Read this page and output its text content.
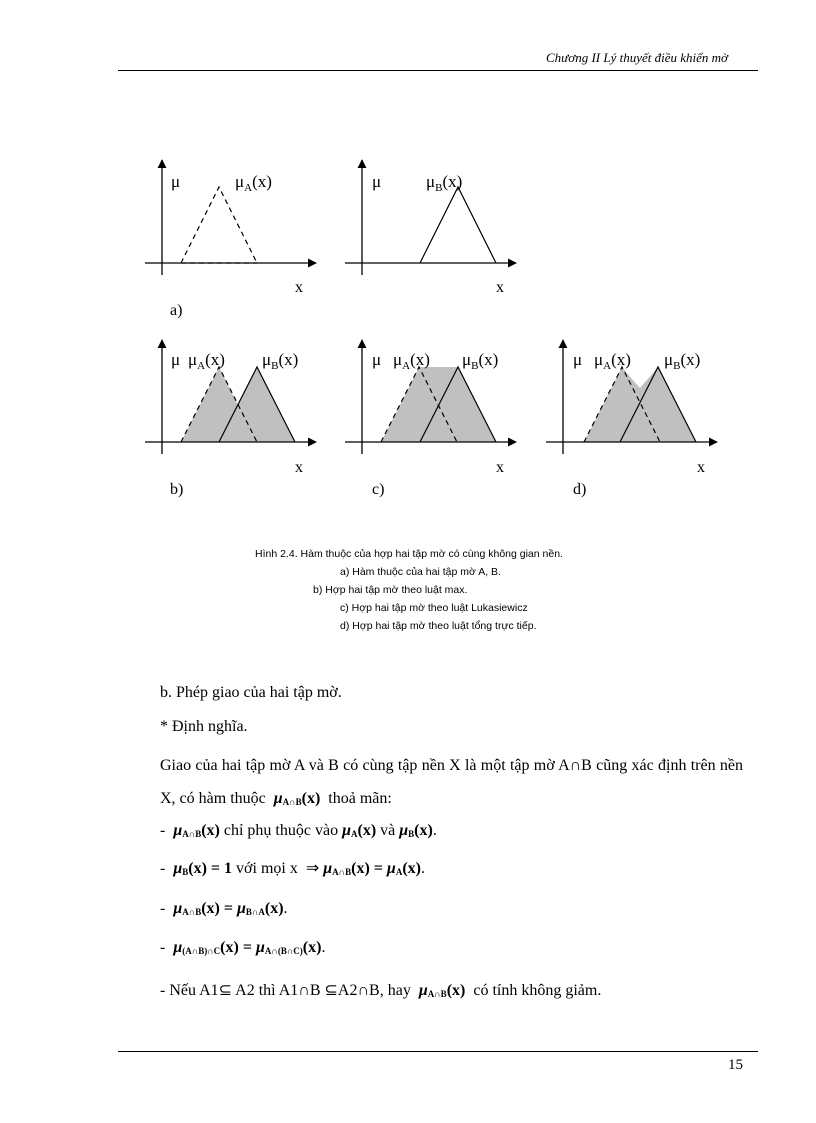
Chương II Lý thuyết điều khiển mờ
μ	$\mu_A(x)$
x
a)
μ	$\mu_B(x)$
x
μ $\mu_A(x)$ $\mu_B(x)$
x
b)
μ $\mu_A(x)$ $\mu_B(x)$
x
c)
μ $\mu_A(x)$ $\mu_B(x)$
x
d)
Hình 2.4. Hàm thuộc của hợp hai tập mờ có cùng không gian nền.
a) Hàm thuộc của hai tập mờ A, B.
b) Hợp hai tập mờ theo luật max.
c) Hợp hai tập mờ theo luật Lukasiewicz
d) Hợp hai tập mờ theo luật tổng trực tiếp.
b. Phép giao của hai tập mờ.
* Định nghĩa.
Giao của hai tập mờ A và B có cùng tập nền X là một tập mờ A∩B cũng xác định trên nền X, có hàm thuộc  $\mu_{A\cap B}(x)$ thoả mãn:
-  $\mu_{A\cap B}(x)$ chỉ phụ thuộc vào $\mu_A(x)$ và $\mu_B(x)$.
-  $\mu_B(x) = 1$ với mọi x  ⇒ $\mu_{A\cap B}(x) = \mu_A(x)$.
-  $\mu_{A\cap B}(x) = \mu_{B\cap A}(x)$.
-  $\mu_{(A\cap B)\cap C}(x) = \mu_{A\cap(B\cap C)}(x)$.
- Nếu A1⊆ A2 thì A1∩B ⊆A2∩B, hay  $\mu_{A\cap B}(x)$ có tính không giảm.
15
